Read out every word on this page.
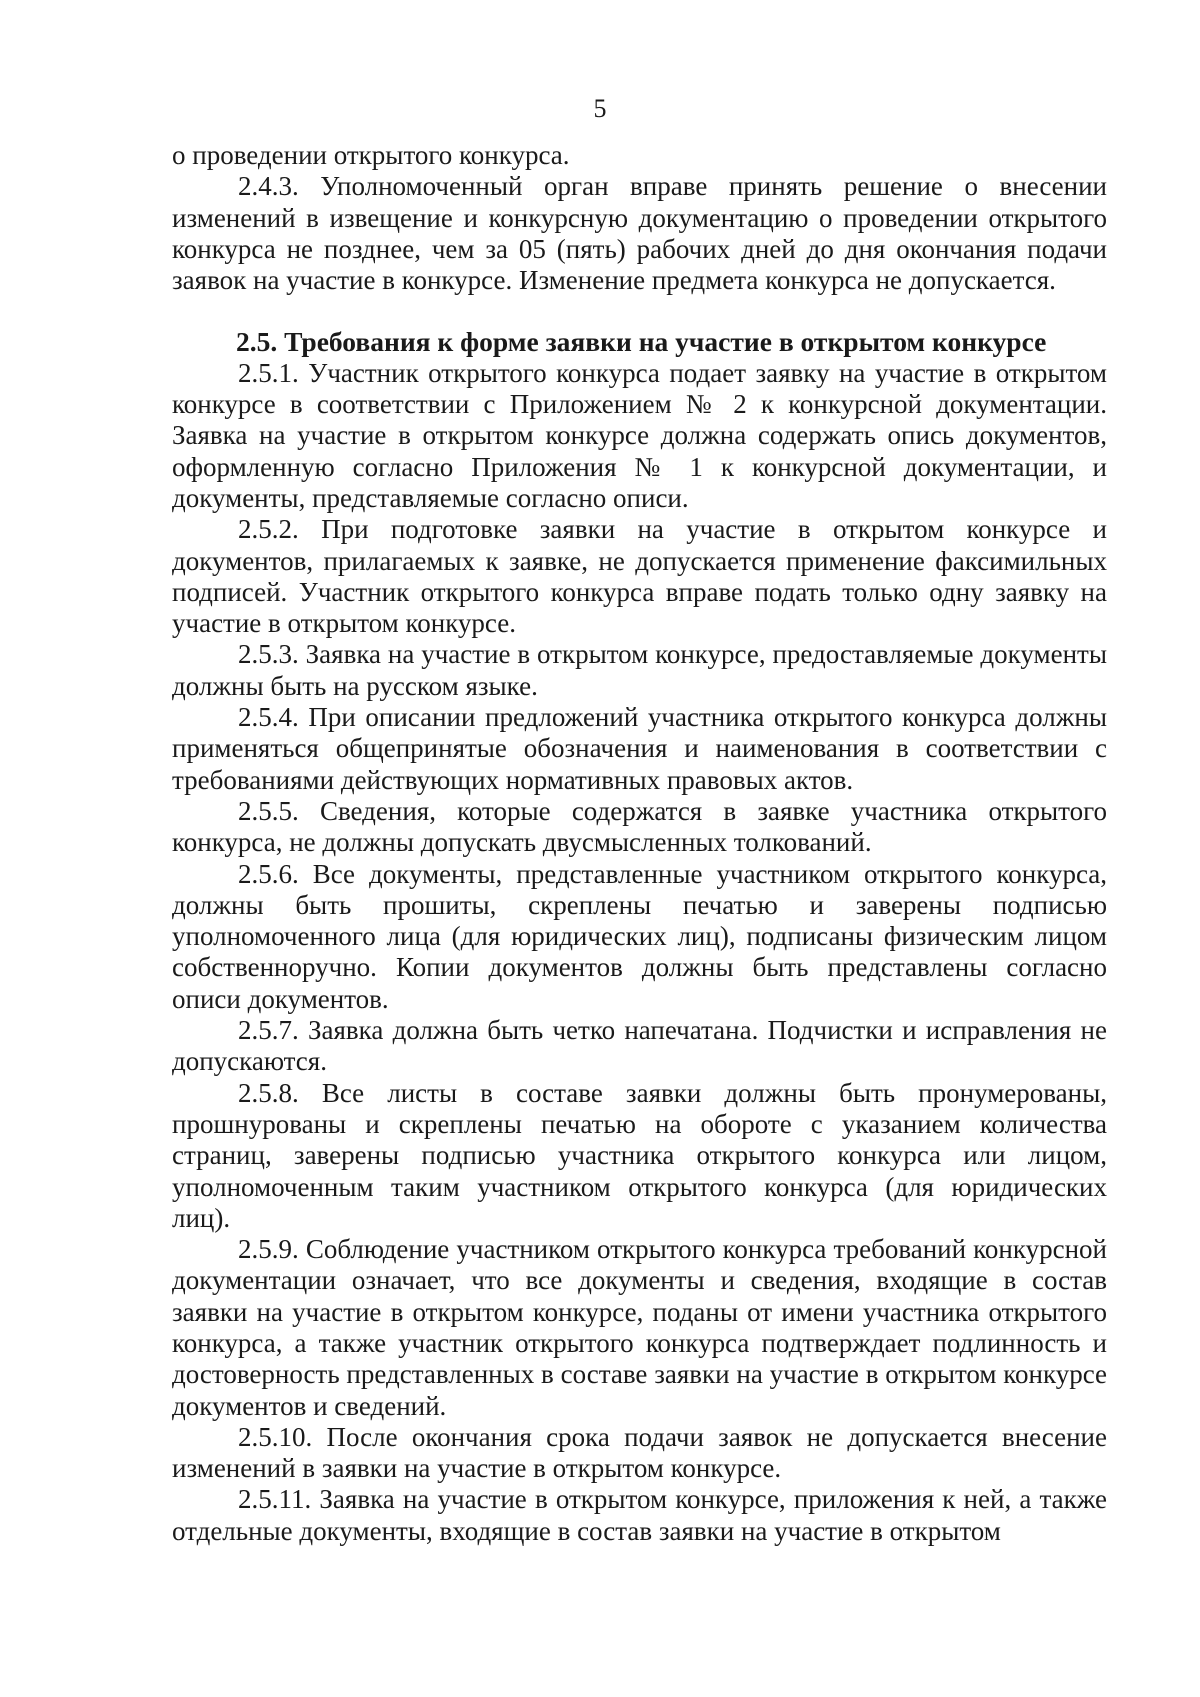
5

о проведении открытого конкурса.

2.4.3. Уполномоченный орган вправе принять решение о внесении изменений в извещение и конкурсную документацию о проведении открытого конкурса не позднее, чем за 05 (пять) рабочих дней до дня окончания подачи заявок на участие в конкурсе. Изменение предмета конкурса не допускается.

2.5. Требования к форме заявки на участие в открытом конкурсе

2.5.1. Участник открытого конкурса подает заявку на участие в открытом конкурсе в соответствии с Приложением № 2 к конкурсной документации. Заявка на участие в открытом конкурсе должна содержать опись документов, оформленную согласно Приложения № 1 к конкурсной документации, и документы, представляемые согласно описи.

2.5.2. При подготовке заявки на участие в открытом конкурсе и документов, прилагаемых к заявке, не допускается применение факсимильных подписей. Участник открытого конкурса вправе подать только одну заявку на участие в открытом конкурсе.

2.5.3. Заявка на участие в открытом конкурсе, предоставляемые документы должны быть на русском языке.

2.5.4. При описании предложений участника открытого конкурса должны применяться общепринятые обозначения и наименования в соответствии с требованиями действующих нормативных правовых актов.

2.5.5. Сведения, которые содержатся в заявке участника открытого конкурса, не должны допускать двусмысленных толкований.

2.5.6. Все документы, представленные участником открытого конкурса, должны быть прошиты, скреплены печатью и заверены подписью уполномоченного лица (для юридических лиц), подписаны физическим лицом собственноручно. Копии документов должны быть представлены согласно описи документов.

2.5.7. Заявка должна быть четко напечатана. Подчистки и исправления не допускаются.

2.5.8. Все листы в составе заявки должны быть пронумерованы, прошнурованы и скреплены печатью на обороте с указанием количества страниц, заверены подписью участника открытого конкурса или лицом, уполномоченным таким участником открытого конкурса (для юридических лиц).

2.5.9. Соблюдение участником открытого конкурса требований конкурсной документации означает, что все документы и сведения, входящие в состав заявки на участие в открытом конкурсе, поданы от имени участника открытого конкурса, а также участник открытого конкурса подтверждает подлинность и достоверность представленных в составе заявки на участие в открытом конкурсе документов и сведений.

2.5.10. После окончания срока подачи заявок не допускается внесение изменений в заявки на участие в открытом конкурсе.

2.5.11. Заявка на участие в открытом конкурсе, приложения к ней, а также отдельные документы, входящие в состав заявки на участие в открытом
